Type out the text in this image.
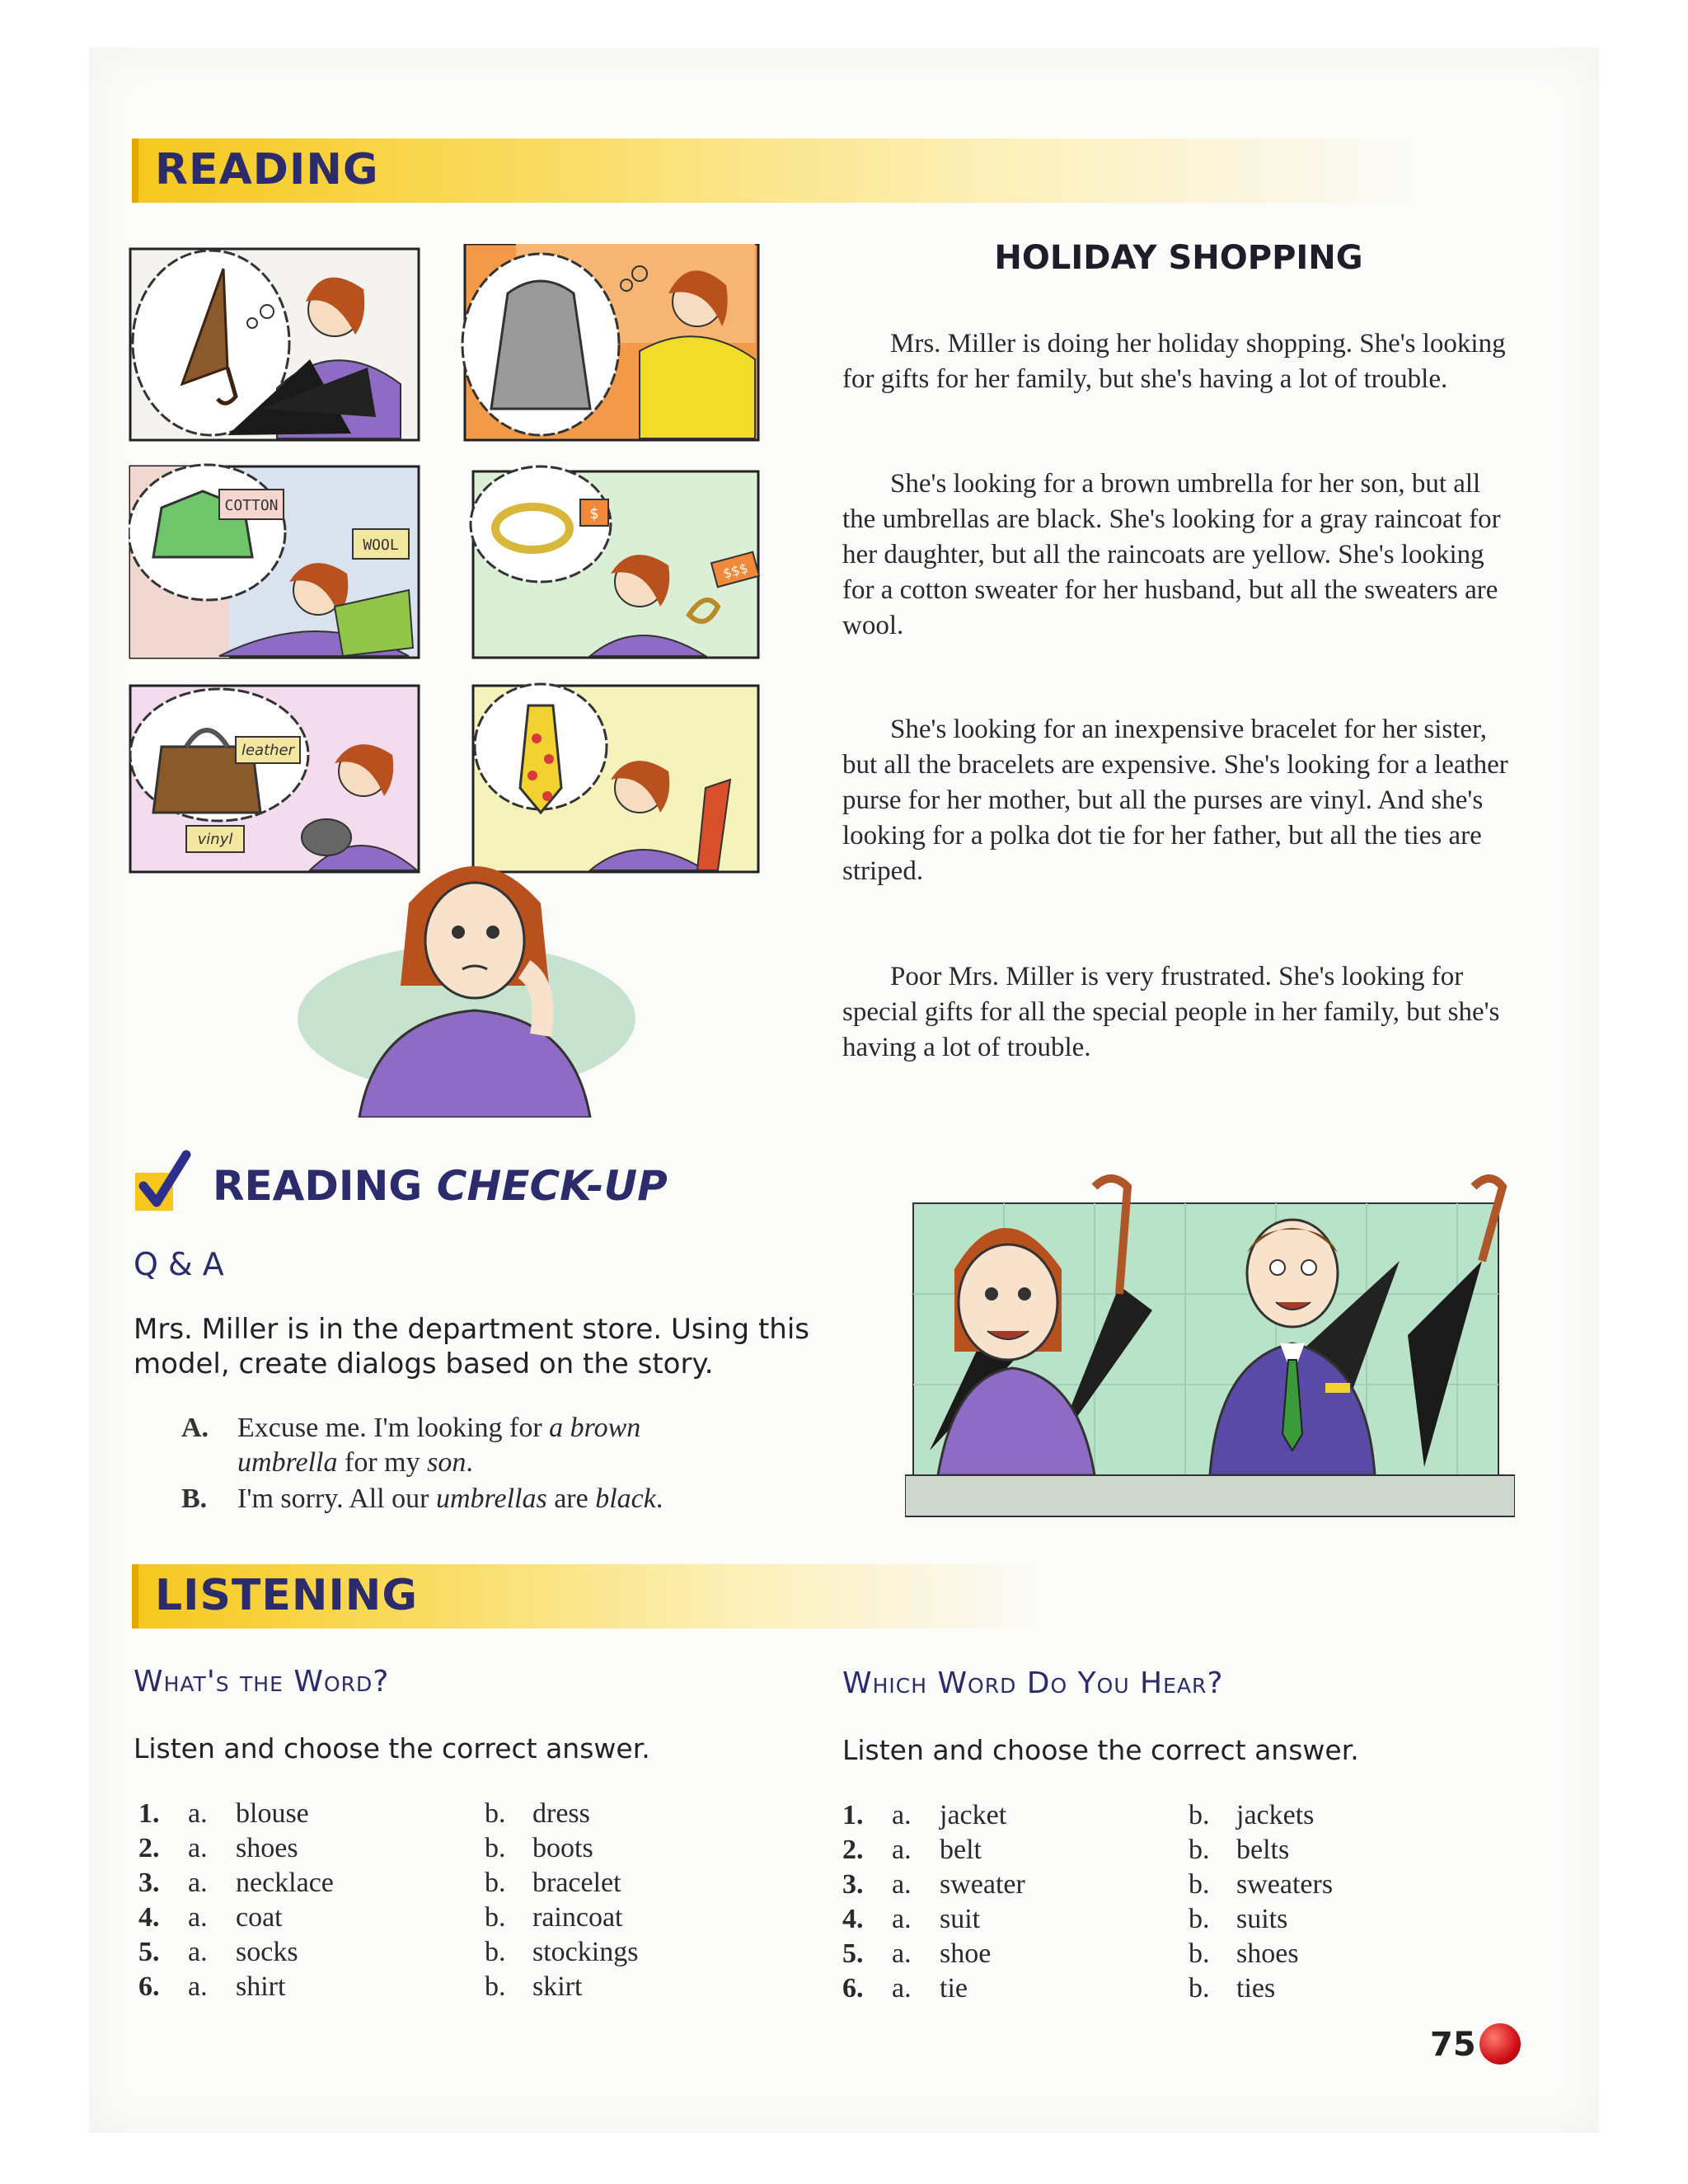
READING
COTTON
WOOL
$
$$$
leather
vinyl
HOLIDAY SHOPPING

Mrs. Miller is doing her holiday shopping. She's looking for gifts for her family, but she's having a lot of trouble.

She's looking for a brown umbrella for her son, but all the umbrellas are black. She's looking for a gray raincoat for her daughter, but all the raincoats are yellow. She's looking for a cotton sweater for her husband, but all the sweaters are wool.

She's looking for an inexpensive bracelet for her sister, but all the bracelets are expensive. She's looking for a leather purse for her mother, but all the purses are vinyl. And she's looking for a polka dot tie for her father, but all the ties are striped.

Poor Mrs. Miller is very frustrated. She's looking for special gifts for all the special people in her family, but she's having a lot of trouble.

READING CHECK-UP
Q & A
Mrs. Miller is in the department store. Using this model, create dialogs based on the story.
A. Excuse me. I'm looking for a brown
umbrella for my son.
B. I'm sorry. All our umbrellas are black.
LISTENING
What's the Word?
Listen and choose the correct answer.
1. a. blouse	b. dress
2. a. shoes	b. boots
3. a. necklace	b. bracelet
4. a. coat	b. raincoat
5. a. socks	b. stockings
6. a. shirt	b. skirt
Which Word Do You Hear?
Listen and choose the correct answer.
1. a. jacket	b. jackets
2. a. belt	b. belts
3. a. sweater	b. sweaters
4. a. suit	b. suits
5. a. shoe	b. shoes
6. a. tie	b. ties
75
